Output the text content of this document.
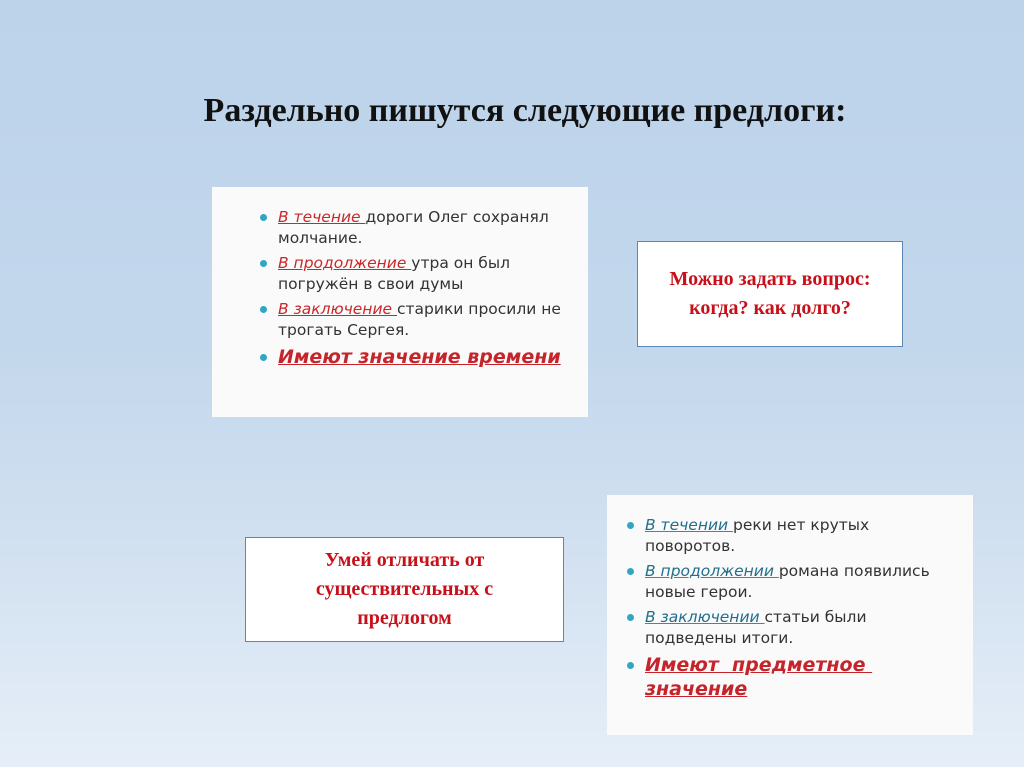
Раздельно пишутся следующие предлоги:
В течение дороги Олег сохранял молчание.
В продолжение утра он был погружён в свои думы
В заключение старики просили не трогать Сергея.
Имеют значение времени
Можно задать вопрос: когда? как долго?
Умей отличать от существительных с предлогом
В течении реки нет крутых поворотов.
В продолжении романа появились новые герои.
В заключении статьи были подведены итоги.
Имеют  предметное значение
